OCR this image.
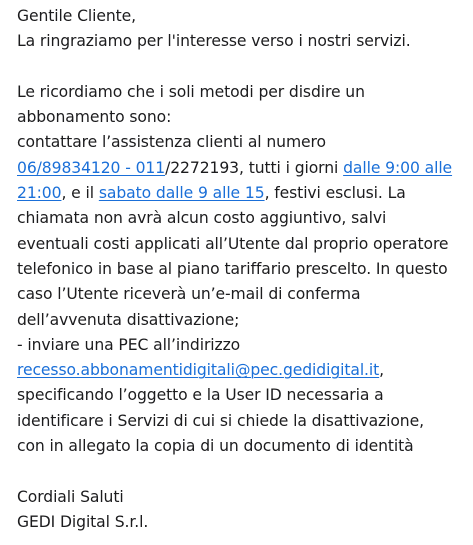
Gentile Cliente,
La ringraziamo per l'interesse verso i nostri servizi.
Le ricordiamo che i soli metodi per disdire un
abbonamento sono:
contattare l’assistenza clienti al numero
06/89834120 - 011/2272193, tutti i giorni dalle 9:00 alle
21:00, e il sabato dalle 9 alle 15, festivi esclusi. La
chiamata non avrà alcun costo aggiuntivo, salvi
eventuali costi applicati all’Utente dal proprio operatore
telefonico in base al piano tariffario prescelto. In questo
caso l’Utente riceverà un’e-mail di conferma
dell’avvenuta disattivazione;
- inviare una PEC all’indirizzo
recesso.abbonamentidigitali@pec.gedidigital.it,
specificando l’oggetto e la User ID necessaria a
identificare i Servizi di cui si chiede la disattivazione,
con in allegato la copia di un documento di identità
Cordiali Saluti
GEDI Digital S.r.l.
